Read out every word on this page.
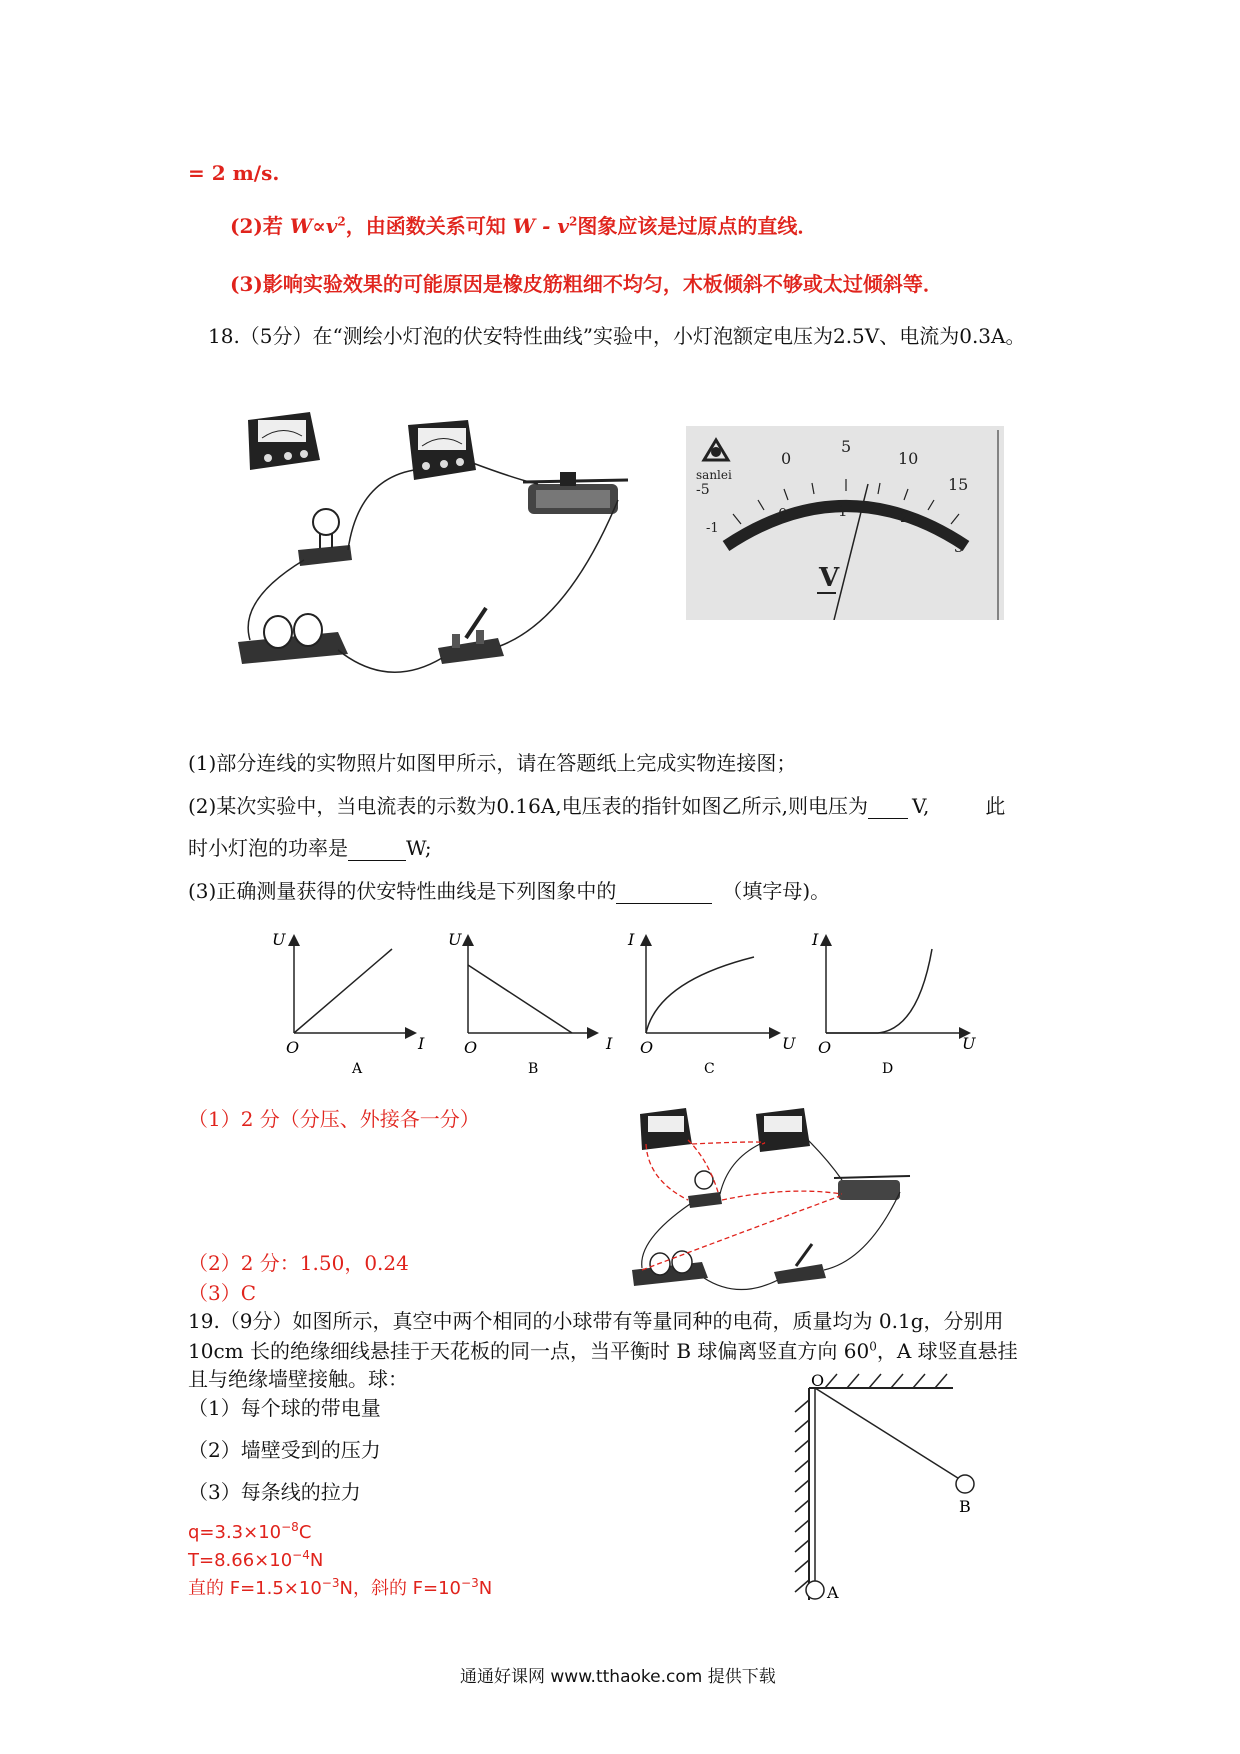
= 2 m/s.
(2)若 $W\propto v^2$，由函数关系可知 W - $v^2$图象应该是过原点的直线．
(3)影响实验效果的可能原因是橡皮筋粗细不均匀，木板倾斜不够或太过倾斜等．
18.（5分）在“测绘小灯泡的伏安特性曲线”实验中，小灯泡额定电压为2.5V、电流为0.3A。
sanlei
0
5
10
15
-5
-1
0	1	2
3
V
(1)部分连线的实物照片如图甲所示，请在答题纸上完成实物连接图；
(2)某次实验中，当电流表的示数为0.16A,电压表的指针如图乙所示,则电压为 V,	此
时小灯泡的功率是	W;
(3)正确测量获得的伏安特性曲线是下列图象中的	（填字母)。
U
I
O
A
U
I
O
B
I
U
O
C
I
U
O
D
（1）2 分（分压、外接各一分）
（2）2 分：1.50，0.24
（3）C
19.（9分）如图所示，真空中两个相同的小球带有等量同种的电荷，质量均为 0.1g，分别用
10cm 长的绝缘细线悬挂于天花板的同一点，当平衡时 B 球偏离竖直方向 $60^0$，A 球竖直悬挂
且与绝缘墙壁接触。球：
（1）每个球的带电量
（2）墙壁受到的压力
（3）每条线的拉力
$q=3.3\times 10^{-8}C$
$T=8.66\times 10^{-4}N$
直的 $F=1.5\times 10^{-3}N$，斜的 $F=10^{-3}N$
O
A
B
通通好课网 www.tthaoke.com 提供下载
